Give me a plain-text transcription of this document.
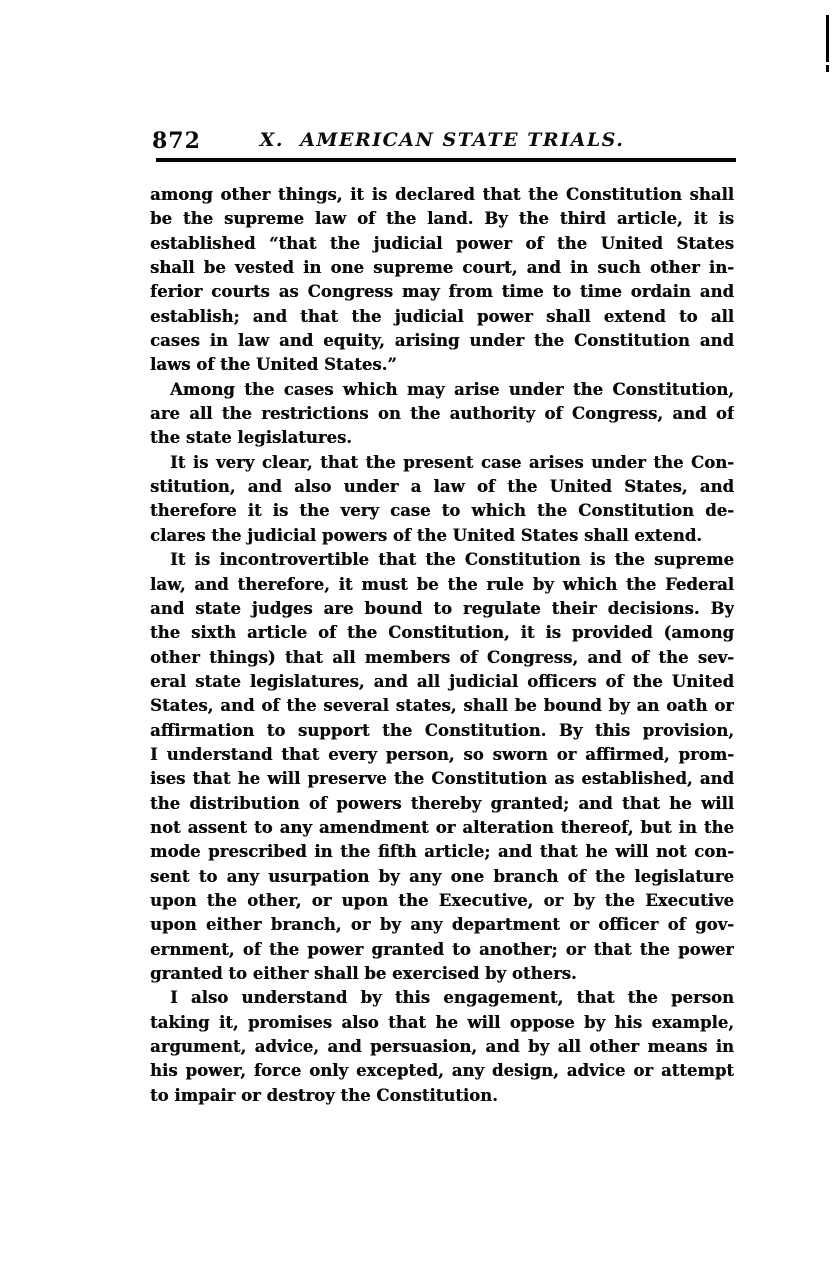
872	X.  AMERICAN STATE TRIALS.
among other things, it is declared that the Constitution shall
be the supreme law of the land. By the third article, it is
established “that the judicial power of the United States
shall be vested in one supreme court, and in such other in-
ferior courts as Congress may from time to time ordain and
establish; and that the judicial power shall extend to all
cases in law and equity, arising under the Constitution and
laws of the United States.”
Among the cases which may arise under the Constitution,
are all the restrictions on the authority of Congress, and of
the state legislatures.
It is very clear, that the present case arises under the Con-
stitution, and also under a law of the United States, and
therefore it is the very case to which the Constitution de-
clares the judicial powers of the United States shall extend.
It is incontrovertible that the Constitution is the supreme
law, and therefore, it must be the rule by which the Federal
and state judges are bound to regulate their decisions. By
the sixth article of the Constitution, it is provided (among
other things) that all members of Congress, and of the sev-
eral state legislatures, and all judicial officers of the United
States, and of the several states, shall be bound by an oath or
affirmation to support the Constitution. By this provision,
I understand that every person, so sworn or affirmed, prom-
ises that he will preserve the Constitution as established, and
the distribution of powers thereby granted; and that he will
not assent to any amendment or alteration thereof, but in the
mode prescribed in the fifth article; and that he will not con-
sent to any usurpation by any one branch of the legislature
upon the other, or upon the Executive, or by the Executive
upon either branch, or by any department or officer of gov-
ernment, of the power granted to another; or that the power
granted to either shall be exercised by others.
I also understand by this engagement, that the person
taking it, promises also that he will oppose by his example,
argument, advice, and persuasion, and by all other means in
his power, force only excepted, any design, advice or attempt
to impair or destroy the Constitution.
